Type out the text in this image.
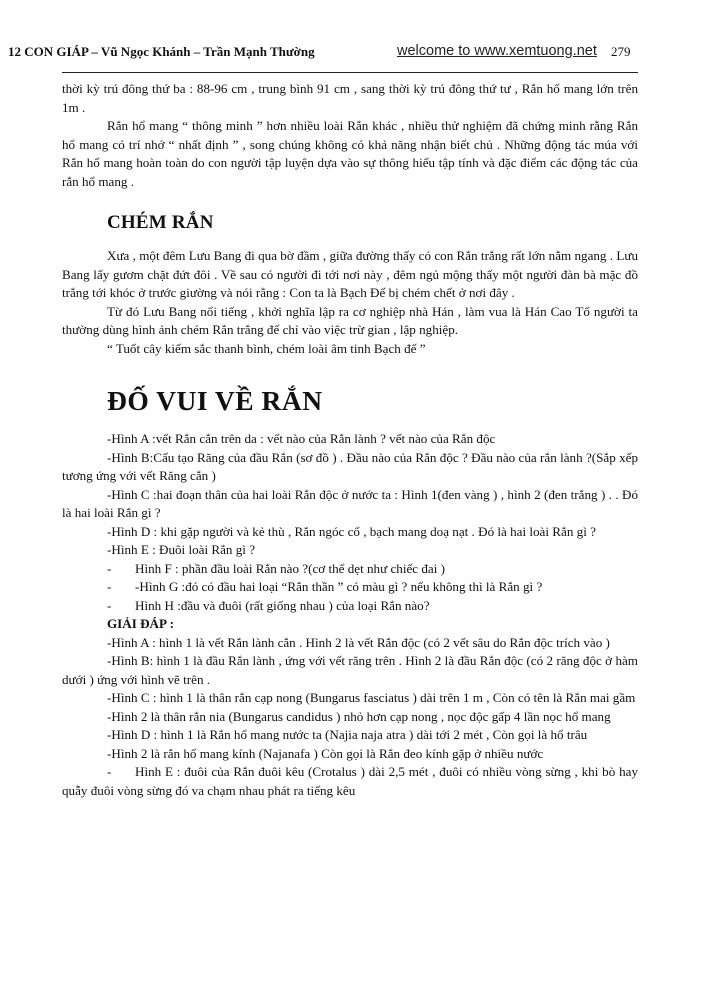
12 CON GIÁP – Vũ Ngọc Khánh – Trần Mạnh Thường	welcome to www.xemtuong.net 279

thời kỳ trú đông thứ ba : 88-96 cm , trung bình 91 cm , sang thời kỳ trú đông thứ tư , Rắn hổ mang lớn trên 1m .

Rắn hổ mang “ thông minh ” hơn nhiều loài Rắn khác , nhiều thử nghiệm đã chứng minh rằng Rắn hổ mang có trí nhớ “ nhất định ” , song chúng không có khả năng nhận biết chủ . Những động tác múa với Rắn hổ mang hoàn toàn do con người tập luyện dựa vào sự thông hiểu tập tính và đặc điểm các động tác của rắn hổ mang .

CHÉM RẮN

Xưa , một đêm Lưu Bang đi qua bờ đầm , giữa đường thấy có con Rắn trắng rất lớn nằm ngang . Lưu Bang lấy gươm chặt đứt đôi . Về sau có người đi tới nơi này , đêm ngủ mộng thấy một người đàn bà mặc đồ trắng tới khóc ở trước giường và nói rằng : Con ta là Bạch Đế bị chém chết ở nơi đây .

Từ đó Lưu Bang nổi tiếng , khởi nghĩa lập ra cơ nghiệp nhà Hán , làm vua là Hán Cao Tổ người ta thường dùng hình ảnh chém Rắn trắng để chỉ vào việc trừ gian , lập nghiệp.

“ Tuốt cây kiếm sắc thanh bình, chém loài âm tinh Bạch đế ”

ĐỐ VUI VỀ RẮN

-Hình A :vết Rắn cắn trên da : vết nào của Rắn lành ? vết nào của Rắn độc

-Hình B:Cấu tạo Răng của đầu Rắn (sơ đồ ) . Đầu nào của Rắn độc ? Đầu nào của rắn lành ?(Sắp xếp tương ứng với vết Răng cắn )

-Hình C :hai đoạn thân của hai loài Rắn độc ở nước ta : Hình 1(đen vàng ) , hình 2 (đen trắng ) . . Đó là hai loài Rắn gì ?

-Hình D : khi gặp người và kẻ thù , Rắn ngóc cổ , bạch mang doạ nạt . Đó là hai loài Rắn gì ?

-Hình E : Đuôi loài Rắn gì ?

- Hình F : phần đầu loài Rắn nào ?(cơ thể dẹt như chiếc đai )

- -Hình G :đó có đầu hai loại “Rắn thần ” có màu gì ? nếu không thì là Rắn gì ?

- Hình H :đầu và đuôi (rất giống nhau ) của loại Rắn nào?

GIẢI ĐÁP :

-Hình A : hình 1 là vết Rắn lành cắn . Hình 2 là vết Rắn độc (có 2 vết sâu do Rắn độc trích vào )

-Hình B: hình 1 là đầu Rắn lành , ứng với vết răng trên . Hình 2 là đầu Rắn độc (có 2 răng độc ở hàm dưới ) ứng với hình vẽ trên .

-Hình C : hình 1 là thân rắn cạp nong (Bungarus fasciatus ) dài trên 1 m , Còn có tên là Rắn mai gầm

-Hình 2 là thân rắn nia (Bungarus candidus ) nhỏ hơn cạp nong , nọc độc gấp 4 lần nọc hổ mang

-Hình D : hình 1 là Rắn hổ mang nước ta (Najia naja atra ) dài tới 2 mét , Còn gọi là hổ trâu

-Hình 2 là rắn hổ mang kính (Najanafa ) Còn gọi là Rắn đeo kính gặp ở nhiều nước

- Hình E : đuôi của Rắn đuôi kêu (Crotalus ) dài 2,5 mét , đuôi có nhiều vòng sừng , khi bò hay quẫy đuôi vòng sừng đó va chạm nhau phát ra tiếng kêu
